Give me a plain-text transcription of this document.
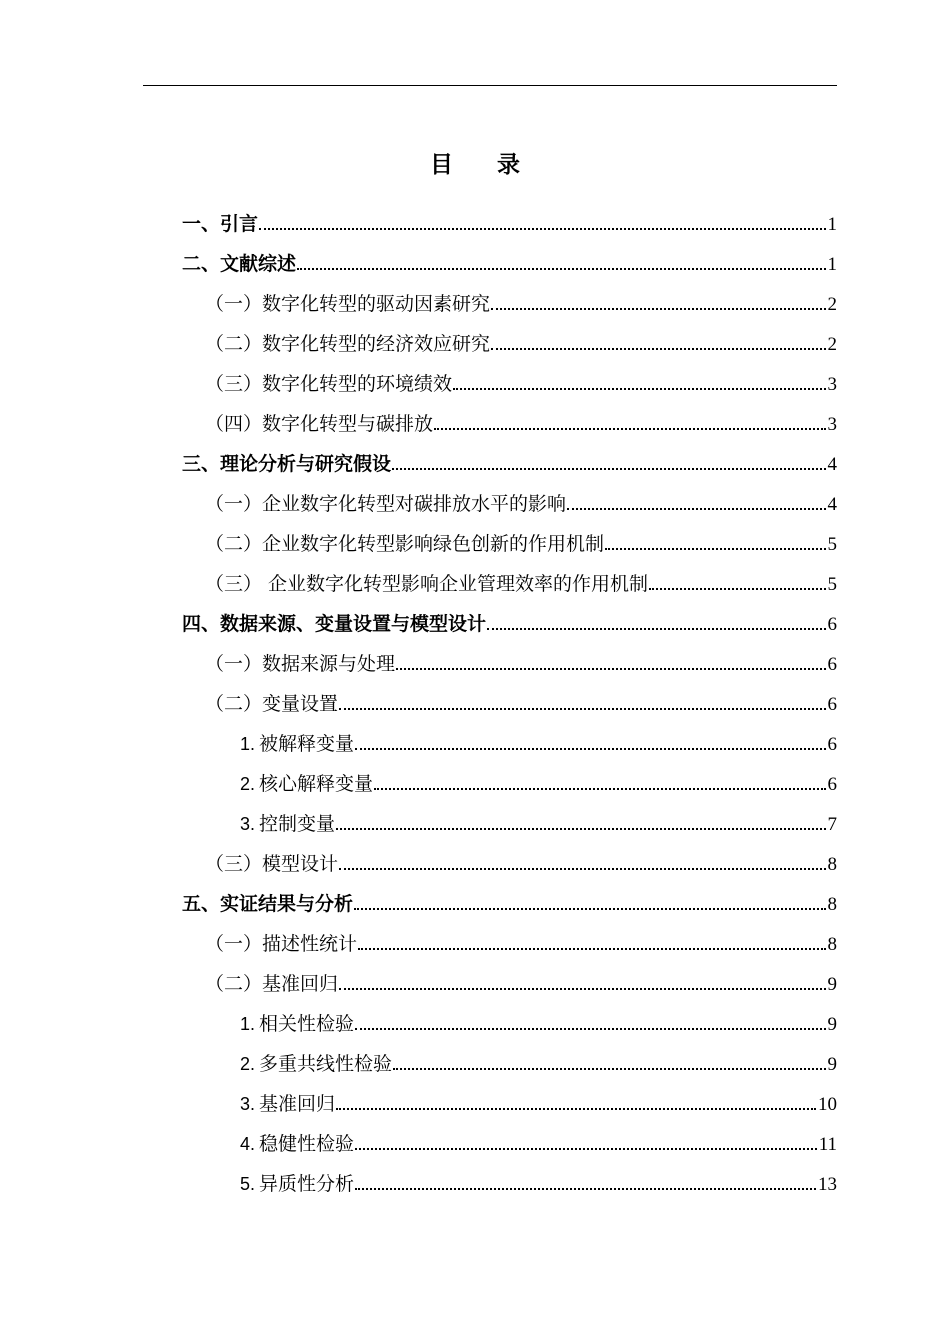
目录
一、引言	1
二、文献综述	1
（一）数字化转型的驱动因素研究	2
（二）数字化转型的经济效应研究	2
（三）数字化转型的环境绩效	3
（四）数字化转型与碳排放	3
三、理论分析与研究假设	4
（一）企业数字化转型对碳排放水平的影响	4
（二）企业数字化转型影响绿色创新的作用机制	5
（三） 企业数字化转型影响企业管理效率的作用机制	5
四、数据来源、变量设置与模型设计	6
（一）数据来源与处理	6
（二）变量设置	6
1. 被解释变量	6
2. 核心解释变量	6
3. 控制变量	7
（三）模型设计	8
五、实证结果与分析	8
（一）描述性统计	8
（二）基准回归	9
1. 相关性检验	9
2. 多重共线性检验	9
3. 基准回归	10
4. 稳健性检验	11
5. 异质性分析	13
